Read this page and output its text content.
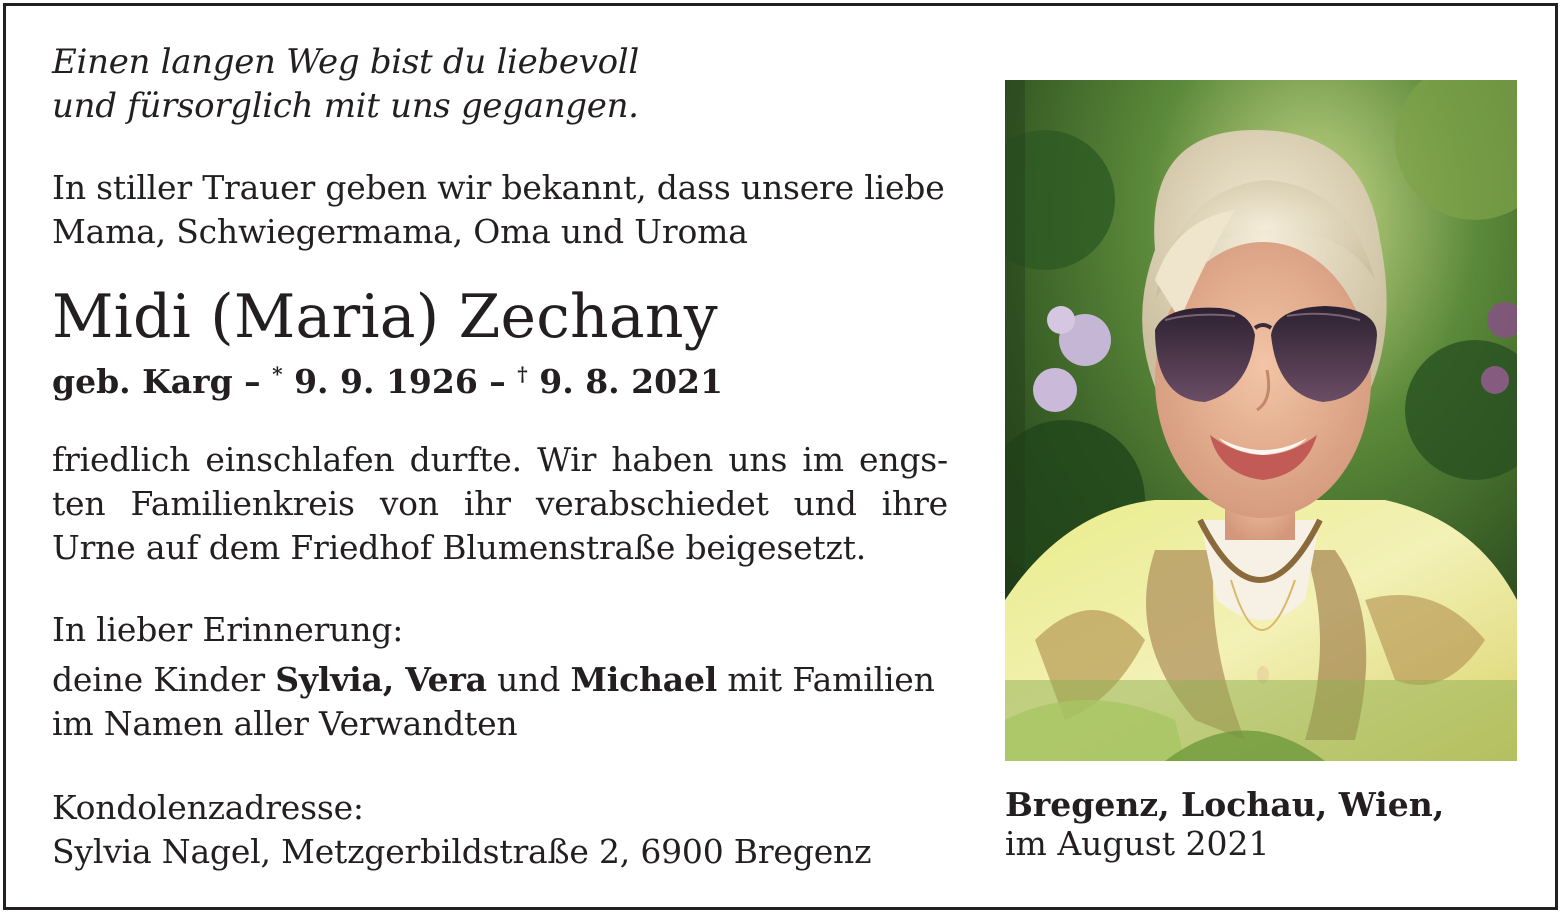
Einen langen Weg bist du liebevoll
und fürsorglich mit uns gegangen.

In stiller Trauer geben wir bekannt, dass unsere liebe
Mama, Schwiegermama, Oma und Uroma

Midi (Maria) Zechany

geb. Karg – * 9. 9. 1926 – † 9. 8. 2021

friedlich einschlafen durfte. Wir haben uns im engs-ten Familienkreis von ihr verabschiedet und ihre Urne auf dem Friedhof Blumenstraße beigesetzt.

In lieber Erinnerung:

deine Kinder Sylvia, Vera und Michael mit Familien
im Namen aller Verwandten

Kondolenzadresse:
Sylvia Nagel, Metzgerbildstraße 2, 6900 Bregenz

Bregenz, Lochau, Wien,

im August 2021
